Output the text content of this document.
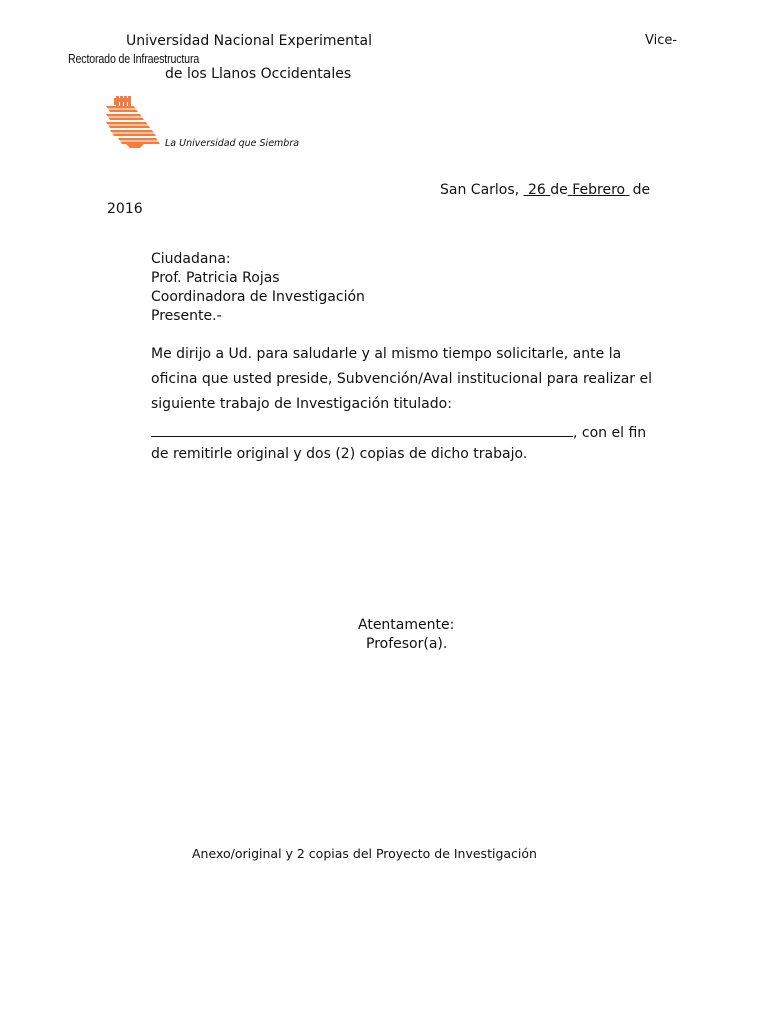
Universidad Nacional Experimental	Vice-
Rectorado de Infraestructura
de los Llanos Occidentales
La Universidad que Siembra
San Carlos, 26 de Febrero de
2016
Ciudadana:
Prof. Patricia Rojas
Coordinadora de Investigación
Presente.-
Me dirijo a Ud. para saludarle y al mismo tiempo solicitarle, ante la
oficina que usted preside, Subvención/Aval institucional para realizar el
siguiente trabajo de Investigación titulado:
, con el fin
de remitirle original y dos (2) copias de dicho trabajo.
Atentamente:
Profesor(a).
Anexo/original y 2 copias del Proyecto de Investigación
